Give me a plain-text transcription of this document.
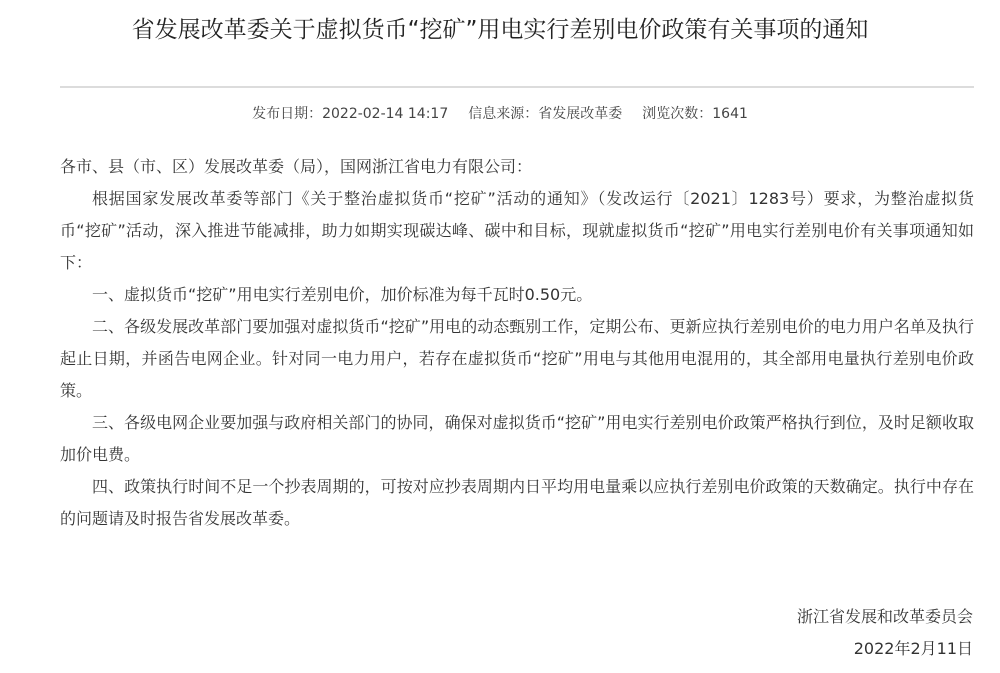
省发展改革委关于虚拟货币“挖矿”用电实行差别电价政策有关事项的通知
发布日期：2022-02-14 14:17 信息来源：省发展改革委 浏览次数：1641

各市、县（市、区）发展改革委（局），国网浙江省电力有限公司：

根据国家发展改革委等部门《关于整治虚拟货币“挖矿”活动的通知》（发改运行〔2021〕1283号）要求，为整治虚拟货币“挖矿”活动，深入推进节能减排，助力如期实现碳达峰、碳中和目标，现就虚拟货币“挖矿”用电实行差别电价有关事项通知如下：

一、虚拟货币“挖矿”用电实行差别电价，加价标准为每千瓦时0.50元。

二、各级发展改革部门要加强对虚拟货币“挖矿”用电的动态甄别工作，定期公布、更新应执行差别电价的电力用户名单及执行起止日期，并函告电网企业。针对同一电力用户，若存在虚拟货币“挖矿”用电与其他用电混用的，其全部用电量执行差别电价政策。

三、各级电网企业要加强与政府相关部门的协同，确保对虚拟货币“挖矿”用电实行差别电价政策严格执行到位，及时足额收取加价电费。

四、政策执行时间不足一个抄表周期的，可按对应抄表周期内日平均用电量乘以应执行差别电价政策的天数确定。执行中存在的问题请及时报告省发展改革委。

浙江省发展和改革委员会
2022年2月11日
